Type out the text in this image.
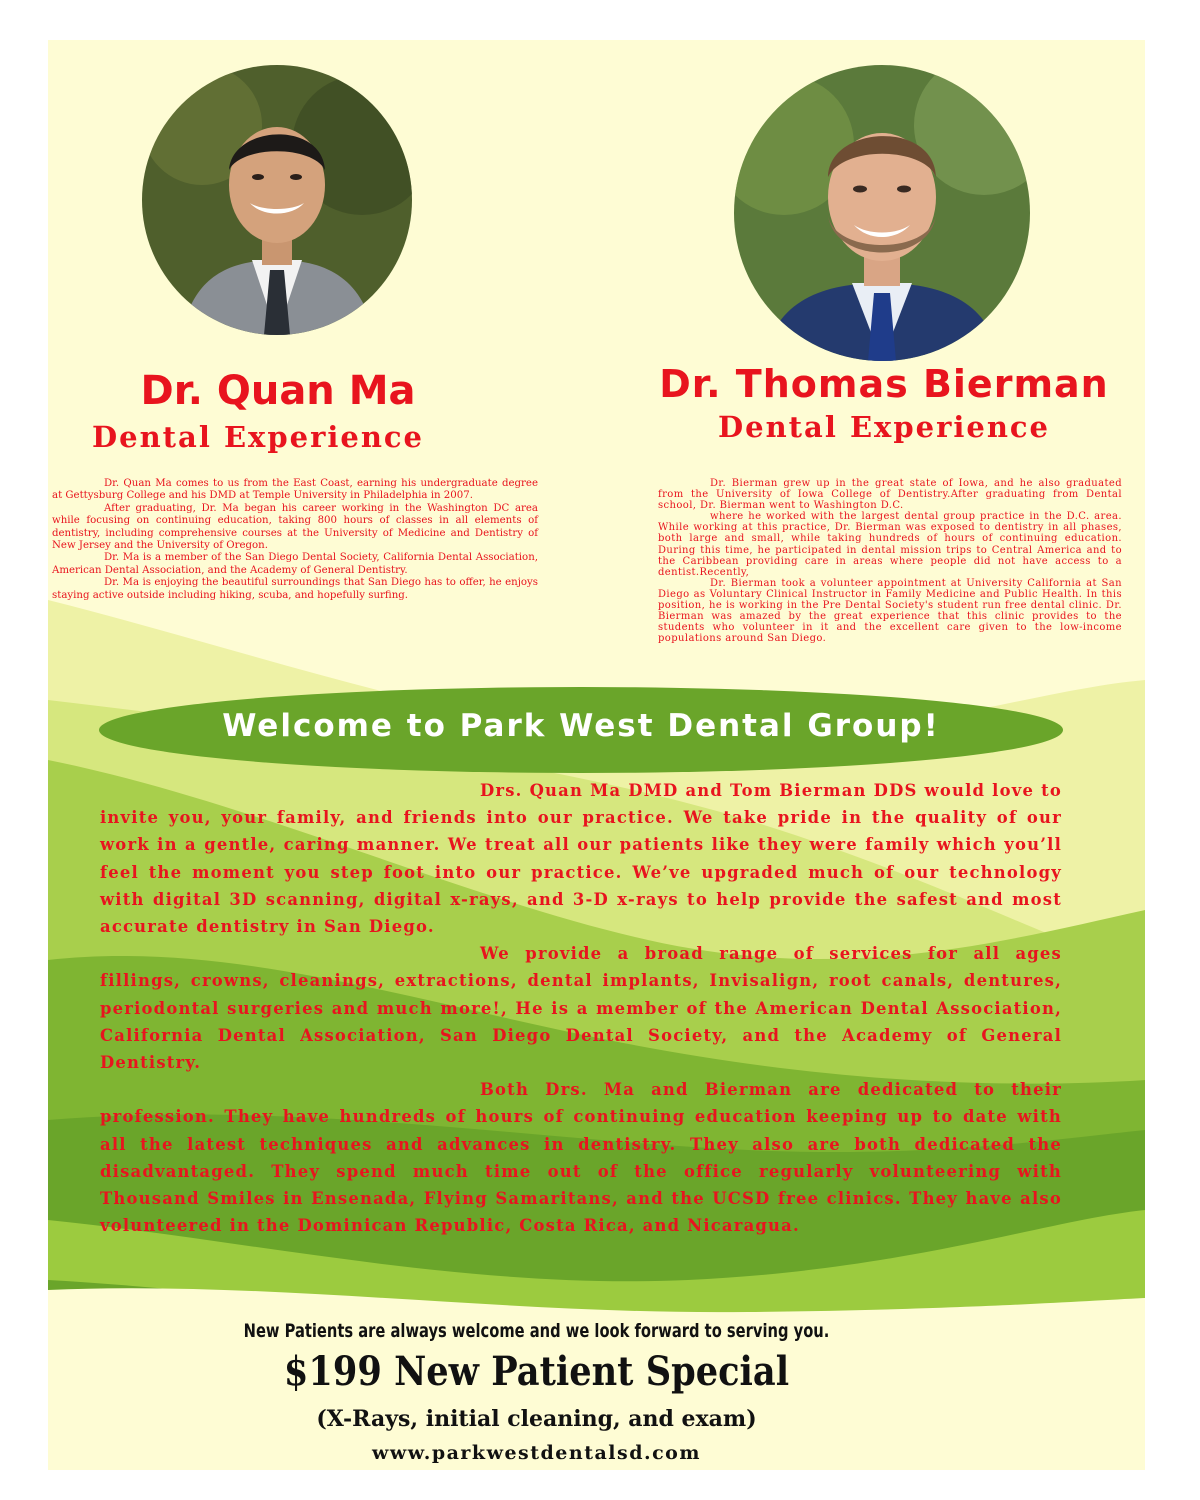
Dr. Quan Ma
Dental Experience
Dr. Thomas Bierman
Dental Experience

Dr. Quan Ma comes to us from the East Coast, earning his undergraduate degree at Gettysburg College and his DMD at Temple University in Philadelphia in 2007.

After graduating, Dr. Ma began his career working in the Washington DC area while focusing on continuing education, taking 800 hours of classes in all elements of dentistry, including comprehensive courses at the University of Medicine and Dentistry of New Jersey and the University of Oregon.

Dr. Ma is a member of the San Diego Dental Society, California Dental Association, American Dental Association, and the Academy of General Dentistry.

Dr. Ma is enjoying the beautiful surroundings that San Diego has to offer, he enjoys staying active outside including hiking, scuba, and hopefully surfing.

Dr. Bierman grew up in the great state of Iowa, and he also graduated from the University of Iowa College of Dentistry.After graduating from Dental school, Dr. Bierman went to Washington D.C.

where he worked with the largest dental group practice in the D.C. area. While working at this practice, Dr. Bierman was exposed to dentistry in all phases, both large and small, while taking hundreds of hours of continuing education. During this time, he participated in dental mission trips to Central America and to the Caribbean providing care in areas where people did not have access to a dentist.Recently,

Dr. Bierman took a volunteer appointment at University California at San Diego as Voluntary Clinical Instructor in Family Medicine and Public Health. In this position, he is working in the Pre Dental Society's student run free dental clinic. Dr. Bierman was amazed by the great experience that this clinic provides to the students who volunteer in it and the excellent care given to the low-income populations around San Diego.

Welcome to Park West Dental Group!

Drs. Quan Ma DMD and Tom Bierman DDS would love to invite you, your family, and friends into our practice. We take pride in the quality of our work in a gentle, caring manner. We treat all our patients like they were family which you’ll feel the moment you step foot into our practice. We’ve upgraded much of our technology with digital 3D scanning, digital x-rays, and 3-D x-rays to help provide the safest and most accurate dentistry in San Diego.

We provide a broad range of services for all ages fillings, crowns, cleanings, extractions, dental implants, Invisalign, root canals, dentures, periodontal surgeries and much more!, He is a member of the American Dental Association, California Dental Association, San Diego Dental Society, and the Academy of General Dentistry.

Both Drs. Ma and Bierman are dedicated to their profession. They have hundreds of hours of continuing education keeping up to date with all the latest techniques and advances in dentistry. They also are both dedicated the disadvantaged. They spend much time out of the office regularly volunteering with Thousand Smiles in Ensenada, Flying Samaritans, and the UCSD free clinics. They have also volunteered in the Dominican Republic, Costa Rica, and Nicaragua.

New Patients are always welcome and we look forward to serving you.
$199 New Patient Special
(X-Rays, initial cleaning, and exam)
www.parkwestdentalsd.com
